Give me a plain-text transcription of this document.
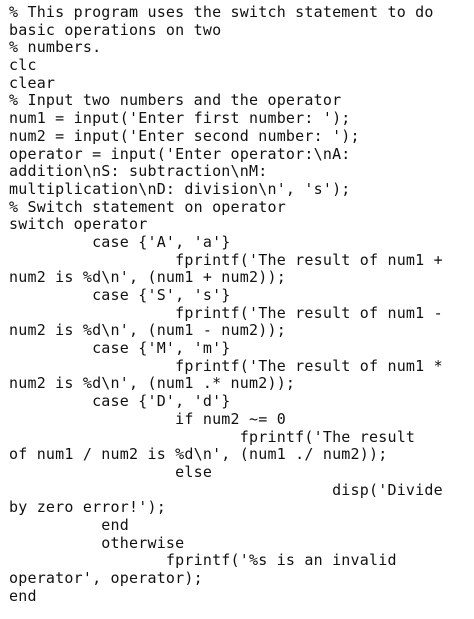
% This program uses the switch statement to do
basic operations on two
% numbers.
clc
clear
% Input two numbers and the operator
num1 = input('Enter first number: ');
num2 = input('Enter second number: ');
operator = input('Enter operator:\nA:
addition\nS: subtraction\nM:
multiplication\nD: division\n', 's');
% Switch statement on operator
switch operator
case {'A', 'a'}
fprintf('The result of num1 +
num2 is %d\n', (num1 + num2));
case {'S', 's'}
fprintf('The result of num1 -
num2 is %d\n', (num1 - num2));
case {'M', 'm'}
fprintf('The result of num1 *
num2 is %d\n', (num1 .* num2));
case {'D', 'd'}
if num2 ~= 0
fprintf('The result
of num1 / num2 is %d\n', (num1 ./ num2));
else
disp('Divide
by zero error!');
end
otherwise
fprintf('%s is an invalid
operator', operator);
end
